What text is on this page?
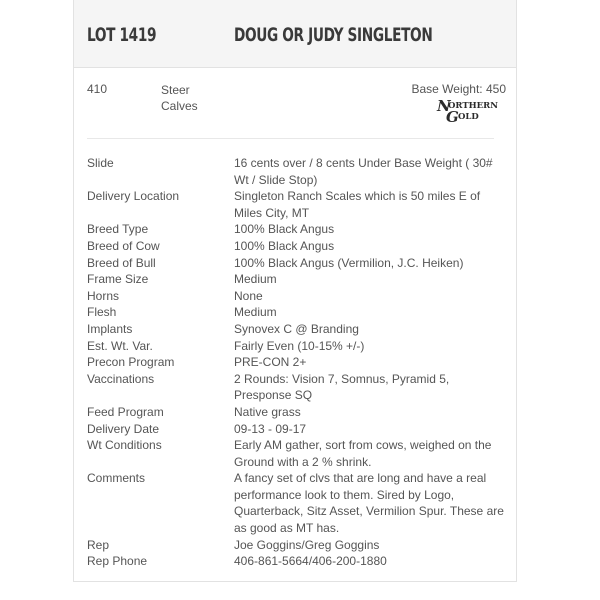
LOT 1419	DOUG OR JUDY SINGLETON
410	Steer Calves
Base Weight: 450
N
ORTHERN
G OLD
Slide	16 cents over / 8 cents Under Base Weight ( 30# Wt / Slide Stop)
Delivery Location	Singleton Ranch Scales which is 50 miles E of Miles City, MT
Breed Type	100% Black Angus
Breed of Cow	100% Black Angus
Breed of Bull	100% Black Angus (Vermilion, J.C. Heiken)
Frame Size	Medium
Horns	None
Flesh	Medium
Implants	Synovex C @ Branding
Est. Wt. Var.	Fairly Even (10-15% +/-)
Precon Program	PRE-CON 2+
Vaccinations	2 Rounds: Vision 7, Somnus, Pyramid 5, Presponse SQ
Feed Program	Native grass
Delivery Date	09-13 - 09-17
Wt Conditions	Early AM gather, sort from cows, weighed on the Ground with a 2 % shrink.
Comments	A fancy set of clvs that are long and have a real performance look to them. Sired by Logo, Quarterback, Sitz Asset, Vermilion Spur. These are as good as MT has.
Rep	Joe Goggins/Greg Goggins
Rep Phone	406-861-5664/406-200-1880
